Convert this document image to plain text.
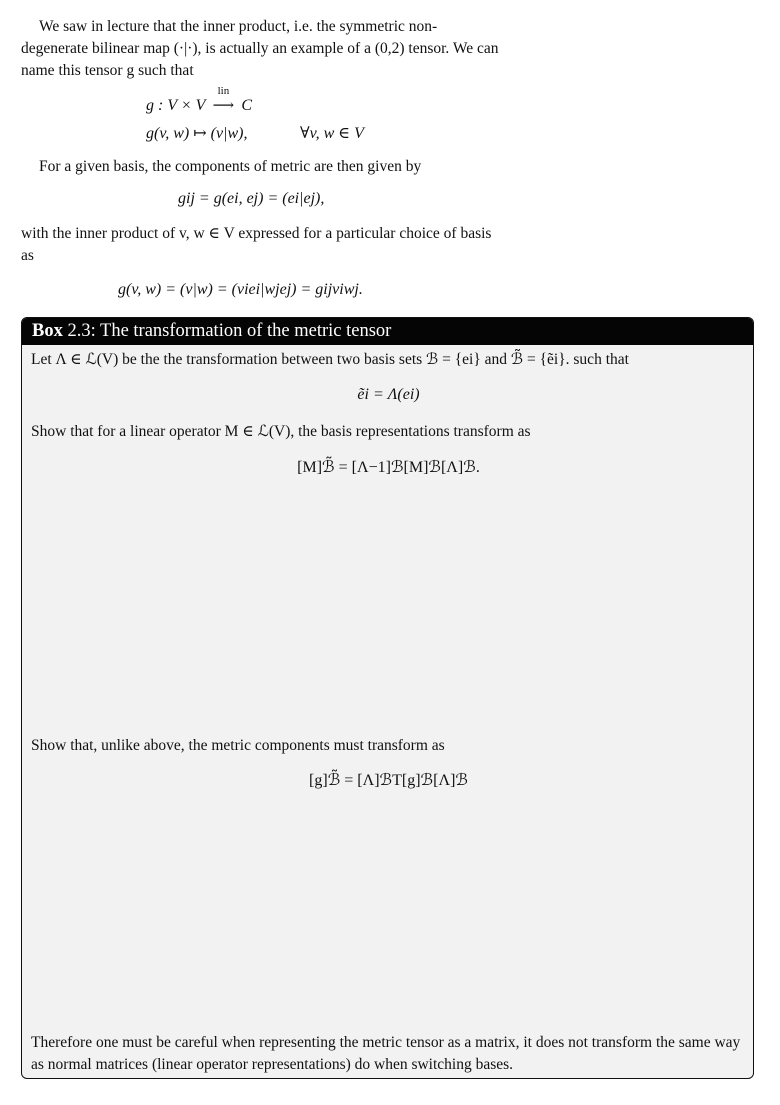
We saw in lecture that the inner product, i.e. the symmetric non-degenerate bilinear map (·|·), is actually an example of a (0,2) tensor. We can name this tensor g such that

g : V × V
lin
⟶ C
g(v, w) ↦ (v|w),	∀v, w ∈ V

For a given basis, the components of metric are then given by

gij = g(ei, ej) = (ei|ej),

with the inner product of v, w ∈ V expressed for a particular choice of basis as

g(v, w) = (v|w) = (viei|wjej) = gijviwj.
Box 2.3: The transformation of the metric tensor

Let Λ ∈ ℒ(V) be the the transformation between two basis sets ℬ = {ei} and ℬ̃ = {ẽi}. such that

ẽi = Λ(ei)

Show that for a linear operator M ∈ ℒ(V), the basis representations transform as

[M]ℬ̃ = [Λ−1]ℬ[M]ℬ[Λ]ℬ.

Show that, unlike above, the metric components must transform as

[g]ℬ̃ = [Λ]ℬT[g]ℬ[Λ]ℬ

Therefore one must be careful when representing the metric tensor as a matrix, it does not transform the same way as normal matrices (linear operator representations) do when switching bases.
